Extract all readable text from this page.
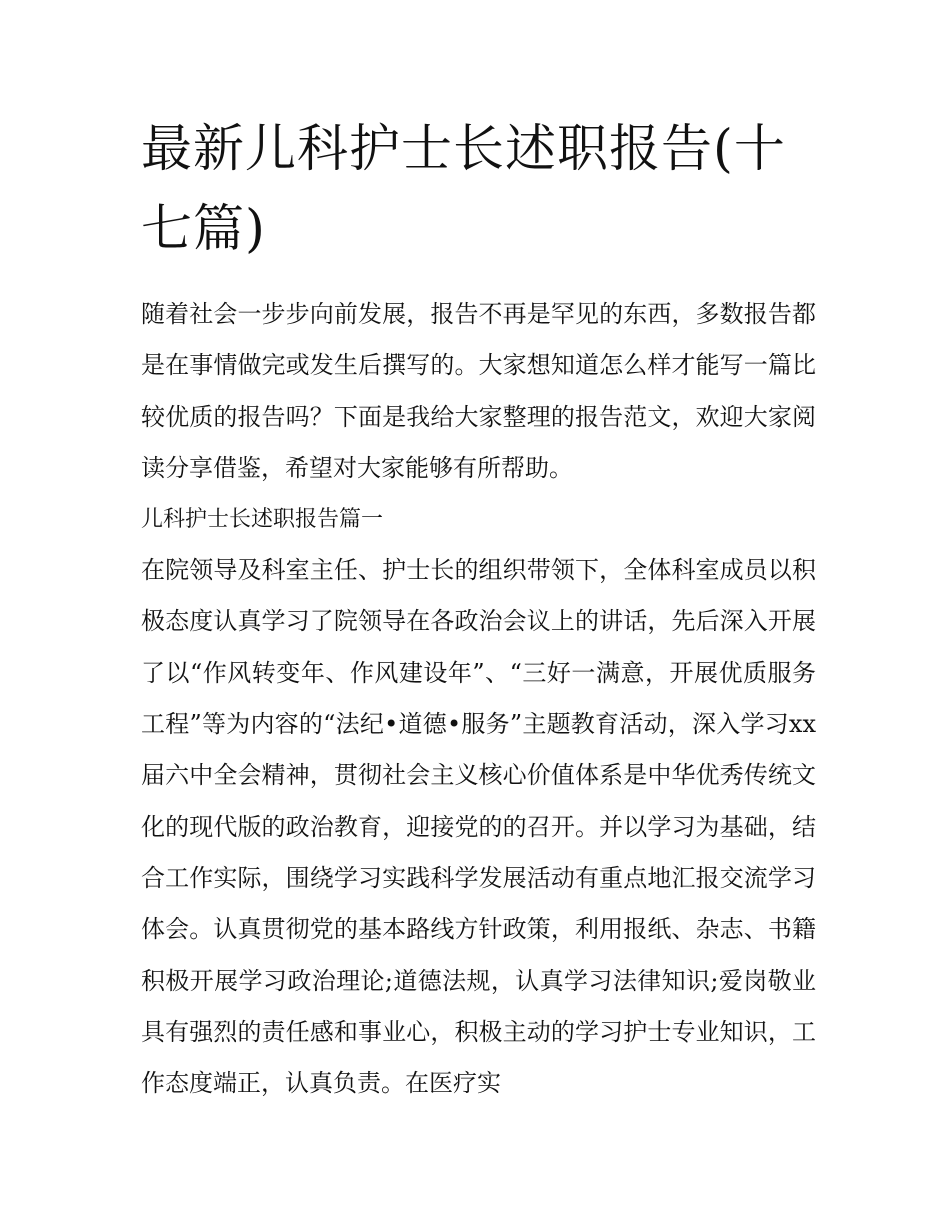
最新儿科护士长述职报告(十七篇)

随着社会一步步向前发展，报告不再是罕见的东西，多数报告都是在事情做完或发生后撰写的。大家想知道怎么样才能写一篇比较优质的报告吗？下面是我给大家整理的报告范文，欢迎大家阅读分享借鉴，希望对大家能够有所帮助。

儿科护士长述职报告篇一

在院领导及科室主任、护士长的组织带领下，全体科室成员以积极态度认真学习了院领导在各政治会议上的讲话，先后深入开展了以“作风转变年、作风建设年”、“三好一满意，开展优质服务工程”等为内容的“法纪•道德•服务”主题教育活动，深入学习xx届六中全会精神，贯彻社会主义核心价值体系是中华优秀传统文化的现代版的政治教育，迎接党的的召开。并以学习为基础，结合工作实际，围绕学习实践科学发展活动有重点地汇报交流学习体会。认真贯彻党的基本路线方针政策，利用报纸、杂志、书籍积极开展学习政治理论;道德法规，认真学习法律知识;爱岗敬业具有强烈的责任感和事业心，积极主动的学习护士专业知识，工作态度端正，认真负责。在医疗实
